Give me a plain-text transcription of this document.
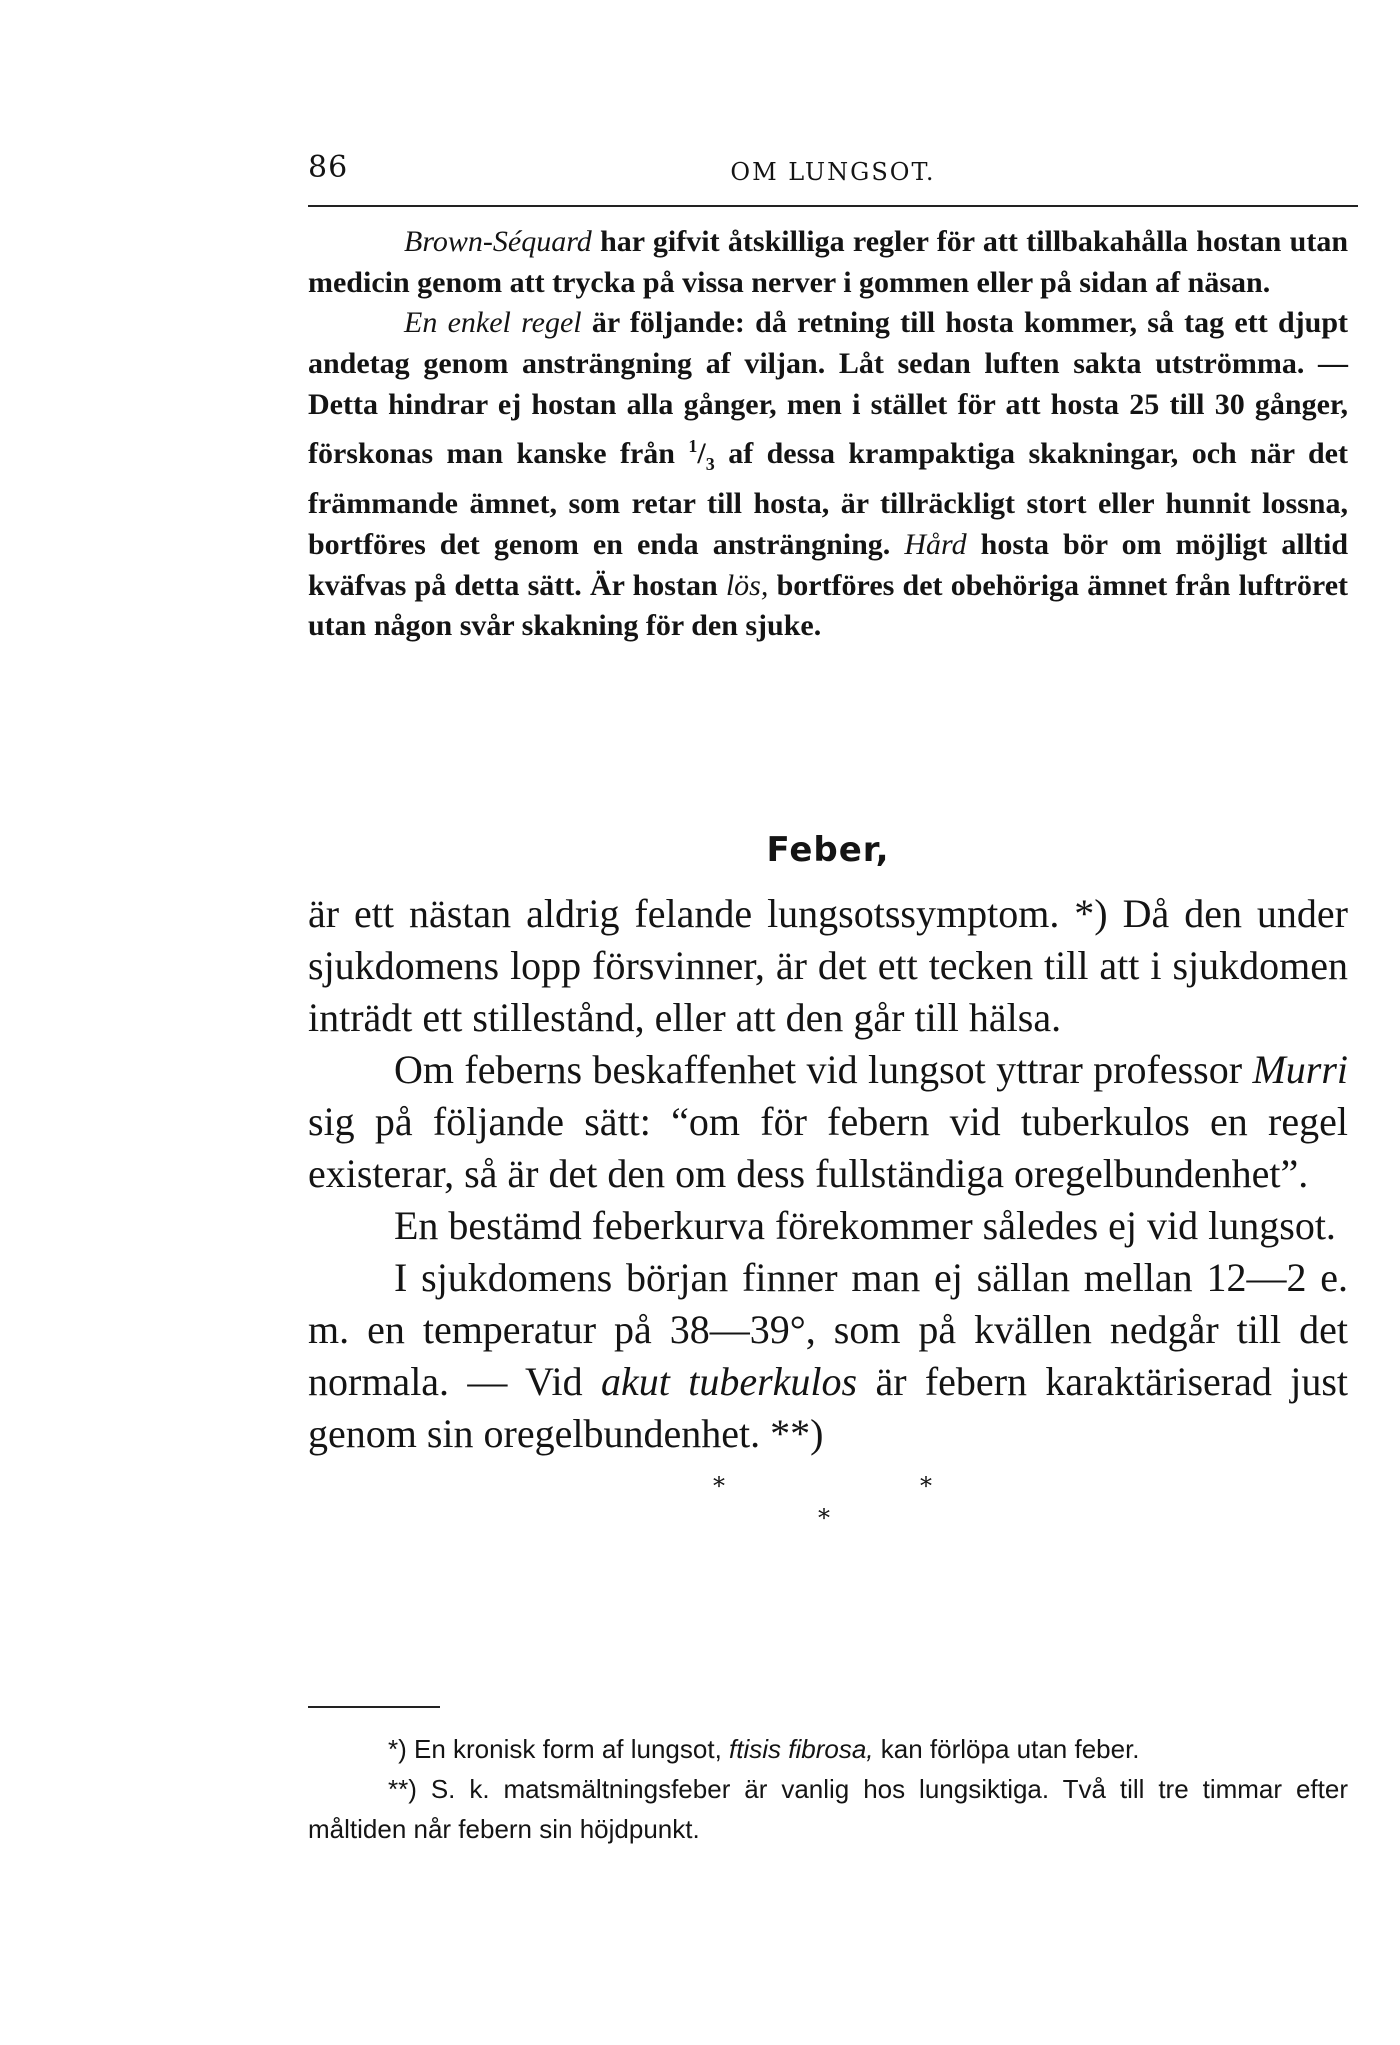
86	OM LUNGSOT.

Brown-Séquard har gifvit åtskilliga regler för att tillbakahålla hostan utan medicin genom att trycka på vissa nerver i gommen eller på sidan af näsan.

En enkel regel är följande: då retning till hosta kommer, så tag ett djupt andetag genom ansträngning af viljan. Låt sedan luften sakta utströmma. — Detta hindrar ej hostan alla gånger, men i stället för att hosta 25 till 30 gånger, förskonas man kanske från $^1/_3$ af dessa krampaktiga skakningar, och när det främmande ämnet, som retar till hosta, är tillräckligt stort eller hunnit lossna, bortföres det genom en enda ansträngning. Hård hosta bör om möjligt alltid kväfvas på detta sätt. Är hostan lös, bortföres det obehöriga ämnet från luftröret utan någon svår skakning för den sjuke.

Feber,

är ett nästan aldrig felande lungsotssymptom. *) Då den under sjukdomens lopp försvinner, är det ett tecken till att i sjukdomen inträdt ett stillestånd, eller att den går till hälsa.

Om feberns beskaffenhet vid lungsot yttrar professor Murri sig på följande sätt: “om för febern vid tuberkulos en regel existerar, så är det den om dess fullständiga oregelbundenhet”.

En bestämd feberkurva förekommer således ej vid lungsot.

I sjukdomens början finner man ej sällan mellan 12—2 e. m. en temperatur på 38—39°, som på kvällen nedgår till det normala. — Vid akut tuberkulos är febern karaktäriserad just genom sin oregelbundenhet. **)

*	*
*

*) En kronisk form af lungsot, ftisis fibrosa, kan förlöpa utan feber.

**) S. k. matsmältningsfeber är vanlig hos lungsiktiga. Två till tre timmar efter måltiden når febern sin höjdpunkt.
